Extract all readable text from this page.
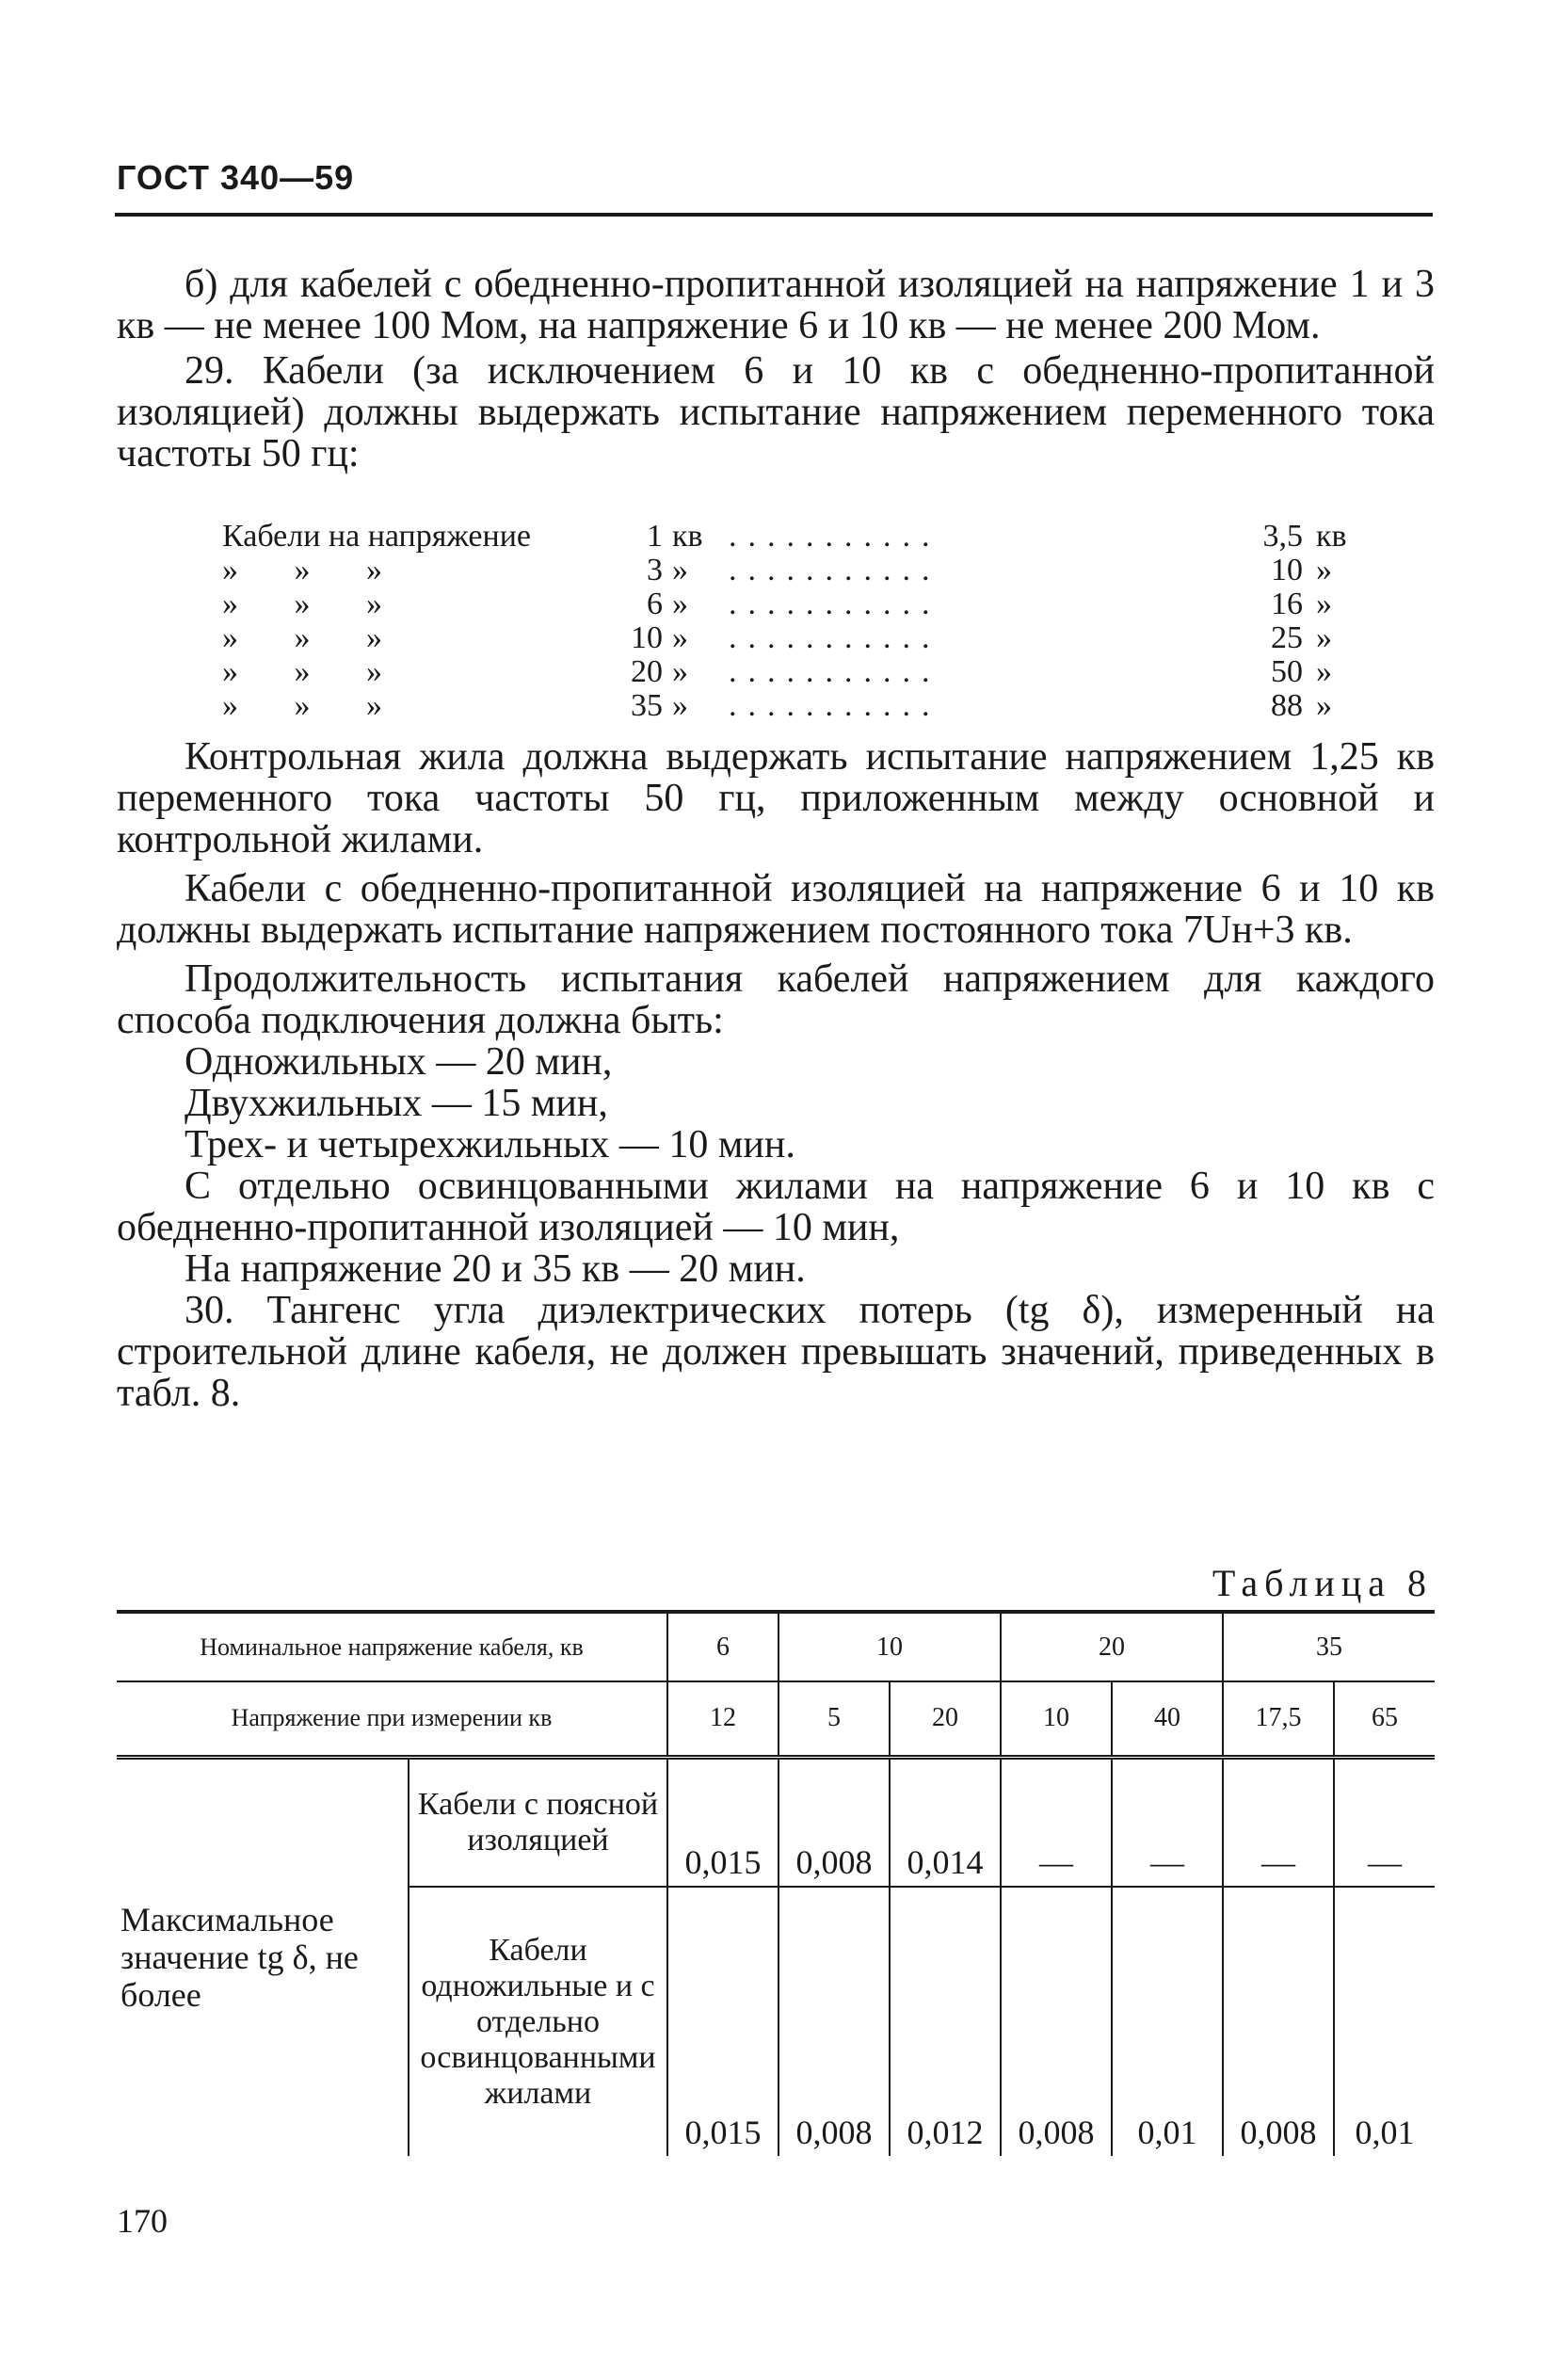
ГОСТ 340—59

б) для кабелей с обедненно-пропитанной изоляцией на напряжение 1 и 3 кв — не менее 100 Мом, на напряжение 6 и 10 кв — не менее 200 Мом.

29. Кабели (за исключением 6 и 10 кв с обедненно-пропитанной изоляцией) должны выдержать испытание напряжением переменного тока частоты 50 гц:

Кабели на напряжение	1	кв	...........	3,5	кв
»       »       »	3	»	...........	10	»
»       »       »	6	»	...........	16	»
»       »       »	10	»	...........	25	»
»       »       »	20	»	...........	50	»
»       »       »	35	»	...........	88	»

Контрольная жила должна выдержать испытание напряжением 1,25 кв переменного тока частоты 50 гц, приложенным между основной и контрольной жилами.

Кабели с обедненно-пропитанной изоляцией на напряжение 6 и 10 кв должны выдержать испытание напряжением постоянного тока 7Uн+3 кв.

Продолжительность испытания кабелей напряжением для каждого способа подключения должна быть:

Одножильных — 20 мин,

Двухжильных — 15 мин,

Трех- и четырехжильных — 10 мин.

С отдельно освинцованными жилами на напряжение 6 и 10 кв с обедненно-пропитанной изоляцией — 10 мин,

На напряжение 20 и 35 кв — 20 мин.

30. Тангенс угла диэлектрических потерь (tg δ), измеренный на строительной длине кабеля, не должен превышать значений, приведенных в табл. 8.

Таблица 8
Номинальное напряжение кабеля, кв		6	10		20		35	
Напряжение при измерении кв		12	5	20	10	40	17,5	65
Максимальное значение tg δ, не более	Кабели с поясной изоляцией	0,015	0,008	0,014	—	—	—	—
	Кабели одножильные и с отдельно освинцованными жилами	0,015	0,008	0,012	0,008	0,01	0,008	0,01
170
